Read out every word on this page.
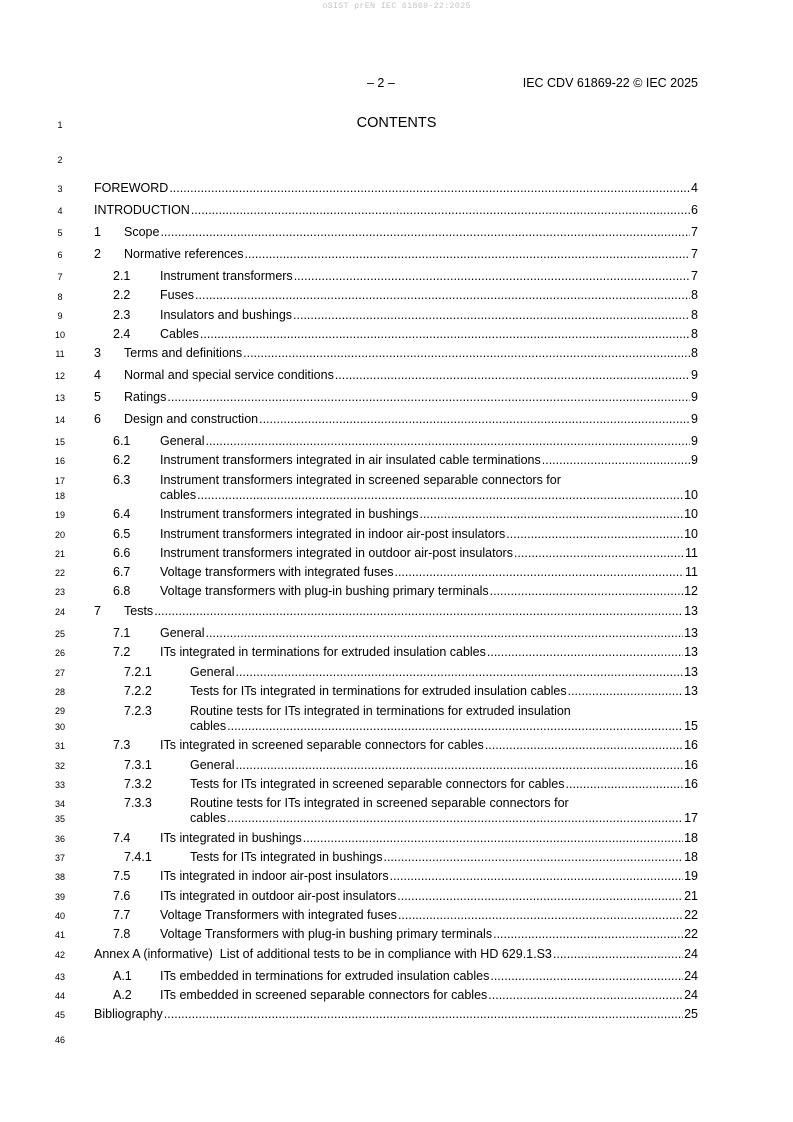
oSIST prEN IEC 61869-22:2025
– 2 –	IEC CDV 61869-22 © IEC 2025
CONTENTS
1
2
3
4
5
6
7
8
9
10
11
12
13
14
15
16
17
18
19
20
21
22
23
24
25
26
27
28
29
30
31
32
33
34
35
36
37
38
39
40
41
42
43
44
45
46
FOREWORD .....	4
INTRODUCTION .....	6
1 Scope .....	7
2 Normative references .....	7
2.1 Instrument transformers .....	7
2.2 Fuses .....	8
2.3 Insulators and bushings .....	8
2.4 Cables .....	8
3 Terms and definitions .....	8
4 Normal and special service conditions .....	9
5 Ratings .....	9
6 Design and construction .....	9
6.1 General .....	9
6.2 Instrument transformers integrated in air insulated cable terminations .....	9
6.3 Instrument transformers integrated in screened separable connectors for
cables .....	10
6.4 Instrument transformers integrated in bushings .....	10
6.5 Instrument transformers integrated in indoor air-post insulators .....	10
6.6 Instrument transformers integrated in outdoor air-post insulators .....	11
6.7 Voltage transformers with integrated fuses .....	11
6.8 Voltage transformers with plug-in bushing primary terminals .....	12
7 Tests .....	13
7.1 General .....	13
7.2 ITs integrated in terminations for extruded insulation cables .....	13
7.2.1	General .....	13
7.2.2	Tests for ITs integrated in terminations for extruded insulation cables .....	13
7.2.3	Routine tests for ITs integrated in terminations for extruded insulation
cables .....	15
7.3 ITs integrated in screened separable connectors for cables .....	16
7.3.1	General .....	16
7.3.2	Tests for ITs integrated in screened separable connectors for cables .....	16
7.3.3	Routine tests for ITs integrated in screened separable connectors for
cables .....	17
7.4 ITs integrated in bushings .....	18
7.4.1	Tests for ITs integrated in bushings .....	18
7.5 ITs integrated in indoor air-post insulators .....	19
7.6 ITs integrated in outdoor air-post insulators .....	21
7.7 Voltage Transformers with integrated fuses .....	22
7.8 Voltage Transformers with plug-in bushing primary terminals .....	22
Annex A (informative)  List of additional tests to be in compliance with HD 629.1.S3 .....	24
A.1 ITs embedded in terminations for extruded insulation cables .....	24
A.2 ITs embedded in screened separable connectors for cables .....	24
Bibliography .....	25
